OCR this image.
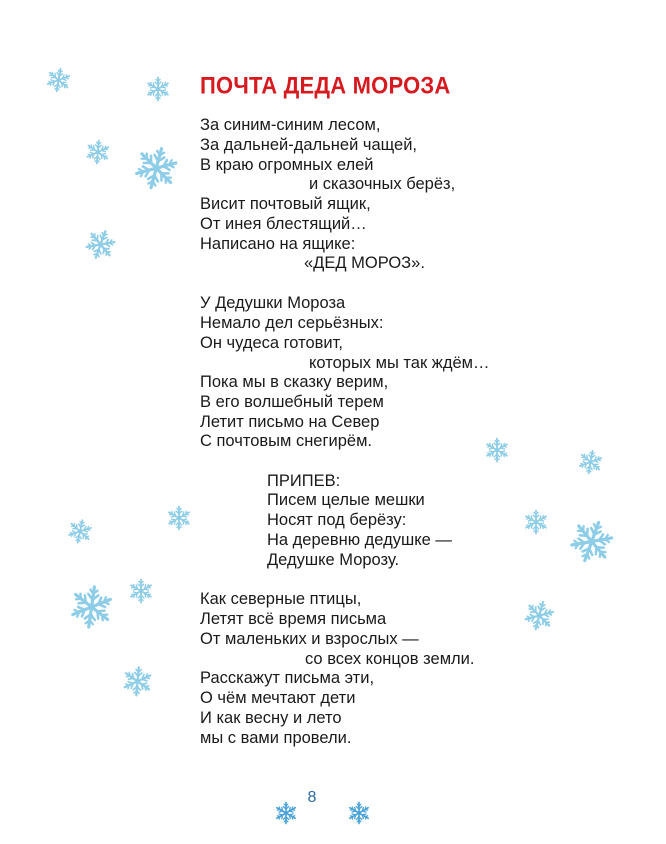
ПОЧТА ДЕДА МОРОЗА
За синим-синим лесом,
За дальней-дальней чащей,
В краю огромных елей
и сказочных берёз,
Висит почтовый ящик,
От инея блестящий…
Написано на ящике:
«ДЕД МОРОЗ».
У Дедушки Мороза
Немало дел серьёзных:
Он чудеса готовит,
которых мы так ждём…
Пока мы в сказку верим,
В его волшебный терем
Летит письмо на Север
С почтовым снегирём.
ПРИПЕВ:
Писем целые мешки
Носят под берёзу:
На деревню дедушке —
Дедушке Морозу.
Как северные птицы,
Летят всё время письма
От маленьких и взрослых —
со всех концов земли.
Расскажут письма эти,
О чём мечтают дети
И как весну и лето
мы с вами провели.
8
